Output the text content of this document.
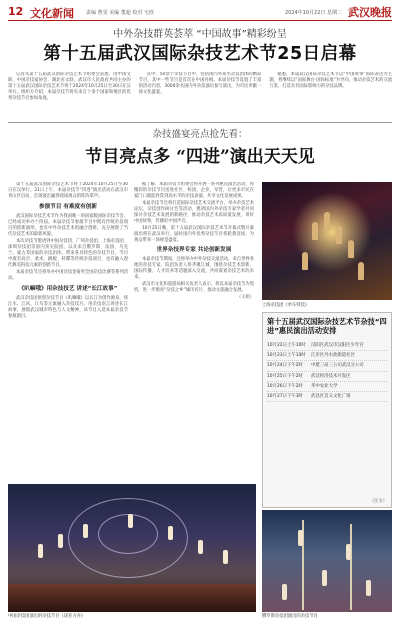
12 文化新闻 责编 曹雯 美编 董超 校对 宅欣	2024年10月22日 星期二 武汉晚报
中外杂技群英荟萃 “中国故事”精彩纷呈
第十五届武汉国际杂技艺术节25日启幕

记者从第十五届武汉国际杂技艺术节组委会获悉，由中国文联、中国杂技家协会、湖北省文联、武汉市人民政府共同主办的第十五届武汉国际杂技艺术节将于2024年10月25日至30日在汉举行。组织方介绍，本届杂技节将有来自十余个国家和地区的优秀杂技节目参加角逐。

其中，50余个杂技节目中，包括国内外知名杂技团体的精彩节目，其中一些节目是首次在中国亮相。本届杂技节设置了丰富的活动内容，3000余名国内外杂技演员参与演出，为市民奉献一场文化盛宴。

据悉，本届武汉国际杂技艺术节以“中国故事”国际表达为主题，将继续以“国际舞台·国际标准”为导向，推动杂技艺术的交流互鉴，打造具有国际影响力的杂技品牌。

杂技盛宴亮点抢先看：
节目亮点多 “四进”演出天天见

第十五届武汉国际杂技艺术节将于2024年10月25日至30日在汉举行。21日上午，本届杂技节“四进”演出活动在武汉市青山区启动，首场演出赢得现场观众的阵阵掌声。

参演节目 有难度有创新

武汉国际杂技艺术节作为我国唯一的国家级国际杂技节会，已经成功举办十四届。本届杂技节参演节目中既有传统杂技项目的创新演绎，也有中外杂技艺术的融合创新，充分展现了当代杂技艺术的最新风貌。

本次杂技节邀请到中国杂技团、广州杂技团、上海杂技团、深圳杂技团等国内顶尖院团，以及来自俄罗斯、法国、乌克兰、蒙古等国家的杂技团体，带来各具特色的杂技节目。节目中既有高空、柔术、跳板、转碟等传统杂技项目，也有融入现代舞美科技元素的创新节目。

本届杂技节还将举办中国杂技金菊奖全国杂技比赛等系列活动。

《叭嘛哦》用杂技技艺 讲述“长江故事”

武汉杂技团原创杂技节目《叭嘛哦》以长江为创作源泉，将江水、江风、江鸟等元素融入杂技技巧，用杂技语言讲述长江故事，展现武汉城市特色与人文精神，该节目入选本届杂技节参演剧目。

据了解，本届杂技节组委会将开展一系列惠民演出活动，将精彩的杂技节目送进社区、校园、企业、军营，让更多市民在家门口就能欣赏到高水平的杂技表演，共享文化发展成果。

本届杂技节还将打造国际杂技艺术交流平台，举办杂技艺术论坛、杂技创作研讨会等活动，邀请国内外杂技专家学者共同探讨杂技艺术发展的新路径，推动杂技艺术高质量发展，讲好中国故事，传播好中国声音。

10月25日晚，第十五届武汉国际杂技艺术节开幕式暨开幕演出将在武汉举行，届时国内外优秀杂技节目将轮番登场，为观众带来一场视觉盛宴。

世界杂技界专家 共论创新发展

本届杂技节期间，还将举办中外杂技交流活动，来自世界各地的杂技专家、院团负责人将齐聚江城，围绕杂技艺术创新、国际传播、人才培养等话题深入交流，共同谋划杂技艺术的未来。

武汉市文化和旅游局相关负责人表示，将以本届杂技节为契机，进一步擦亮“杂技之乡”城市名片，推动文旅融合发展。

（王娟）
上海杂技团《单车特技》
第十五届武汉国际杂技艺术节杂技“四进”惠民演出活动安排
10月22日上午10时	汉阳区武汉市汉阳区少年宫
10月23日上午10时	江岸区丹水池街道社区
10月24日下午2时	中建三局三公司武汉分公司
10月25日下午2时	武汉经济技术开发区
10月26日下午2时	华中农业大学
10月27日下午3时	武昌区首义文化广场
（汪文）
中国杂技团演出的杂技节目《诺亚方舟》	俄罗斯杂技团演出的杂技节目
